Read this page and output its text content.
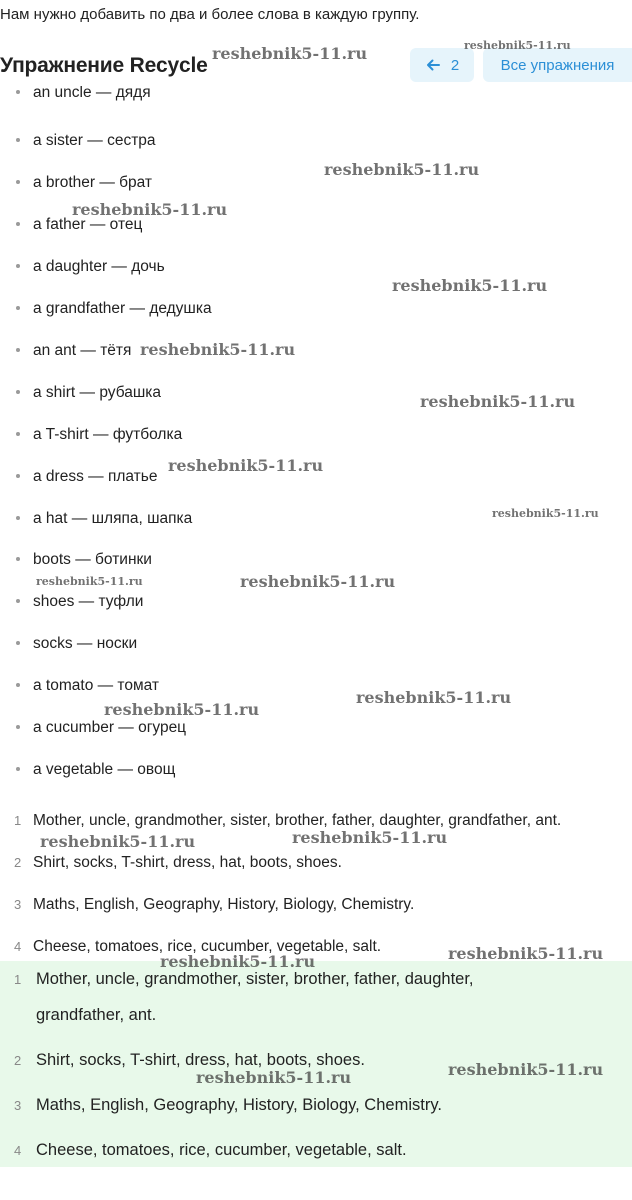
Нам нужно добавить по два и более слова в каждую группу.
Упражнение Recycle	2	Все упражнения
an uncle — дядя
a sister — сестра
a brother — брат
a father — отец
a daughter — дочь
a grandfather — дедушка
an ant — тётя
a shirt — рубашка
a T-shirt — футболка
a dress — платье
a hat — шляпа, шапка
boots — ботинки
shoes — туфли
socks — носки
a tomato — томат
a cucumber — огурец
a vegetable — овощ
1 Mother, uncle, grandmother, sister, brother, father, daughter, grandfather, ant.
2 Shirt, socks, T-shirt, dress, hat, boots, shoes.
3 Maths, English, Geography, History, Biology, Chemistry.
4 Cheese, tomatoes, rice, cucumber, vegetable, salt.
1 Mother, uncle, grandmother, sister, brother, father, daughter,
grandfather, ant.
2 Shirt, socks, T-shirt, dress, hat, boots, shoes.
3 Maths, English, Geography, History, Biology, Chemistry.
4 Cheese, tomatoes, rice, cucumber, vegetable, salt.
reshebnik5-11.ru	reshebnik5-11.ru
reshebnik5-11.ru
reshebnik5-11.ru
reshebnik5-11.ru
reshebnik5-11.ru
reshebnik5-11.ru
reshebnik5-11.ru
reshebnik5-11.ru
reshebnik5-11.ru	reshebnik5-11.ru
reshebnik5-11.ru
reshebnik5-11.ru
reshebnik5-11.ru	reshebnik5-11.ru
reshebnik5-11.ru
reshebnik5-11.ru
reshebnik5-11.ru
reshebnik5-11.ru
